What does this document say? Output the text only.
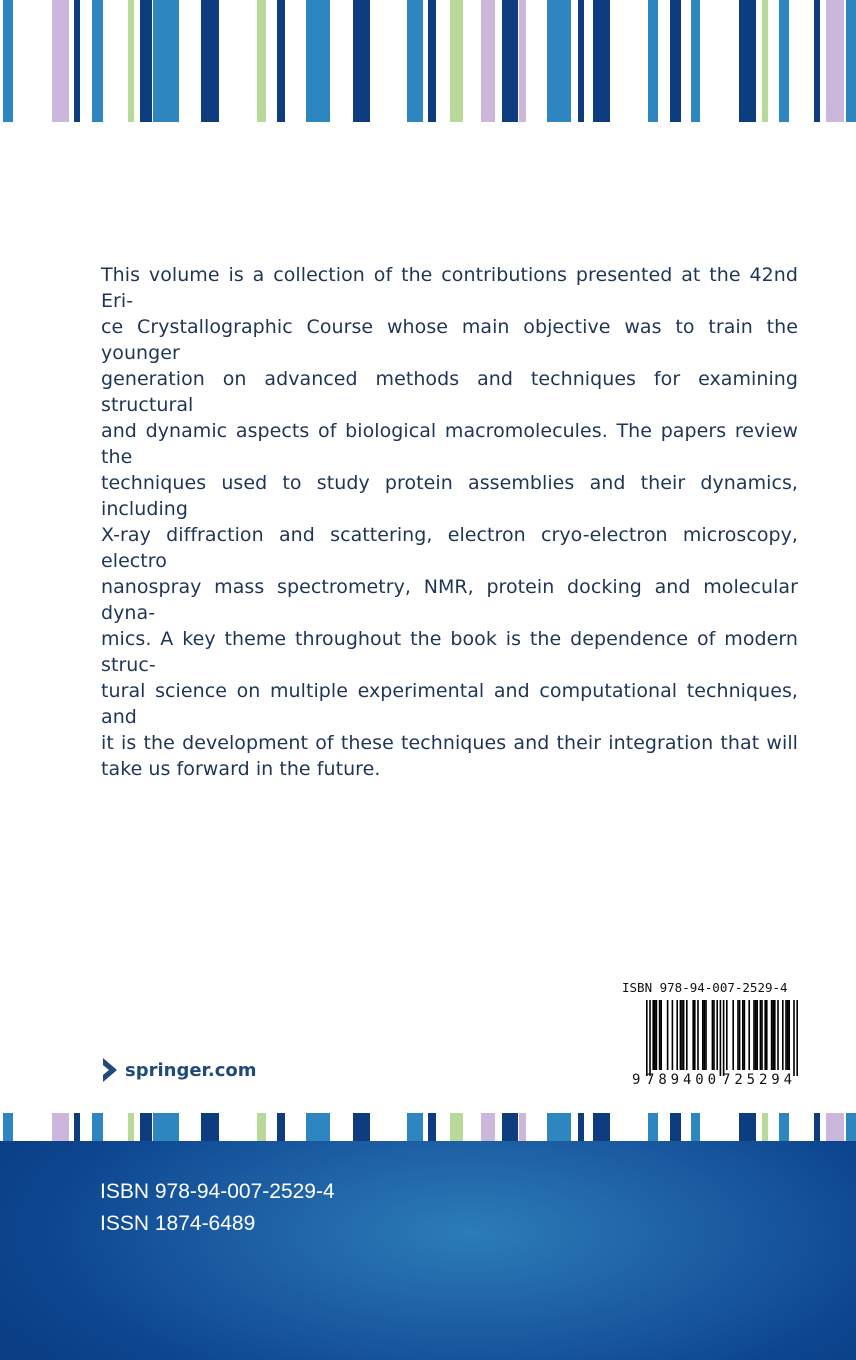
This volume is a collection of the contributions presented at the 42nd Eri-
ce Crystallographic Course whose main objective was to train the younger
generation on advanced methods and techniques for examining structural
and dynamic aspects of biological macromolecules. The papers review the
techniques used to study protein assemblies and their dynamics, including
X-ray diffraction and scattering, electron cryo-electron microscopy, electro
nanospray mass spectrometry, NMR, protein docking and molecular dyna-
mics. A key theme throughout the book is the dependence of modern struc-
tural science on multiple experimental and computational techniques, and
it is the development of these techniques and their integration that will
take us forward in the future.
ISBN 978-94-007-2529-4
9 789400 725294
springer.com

ISBN 978-94-007-2529-4

ISSN 1874-6489
